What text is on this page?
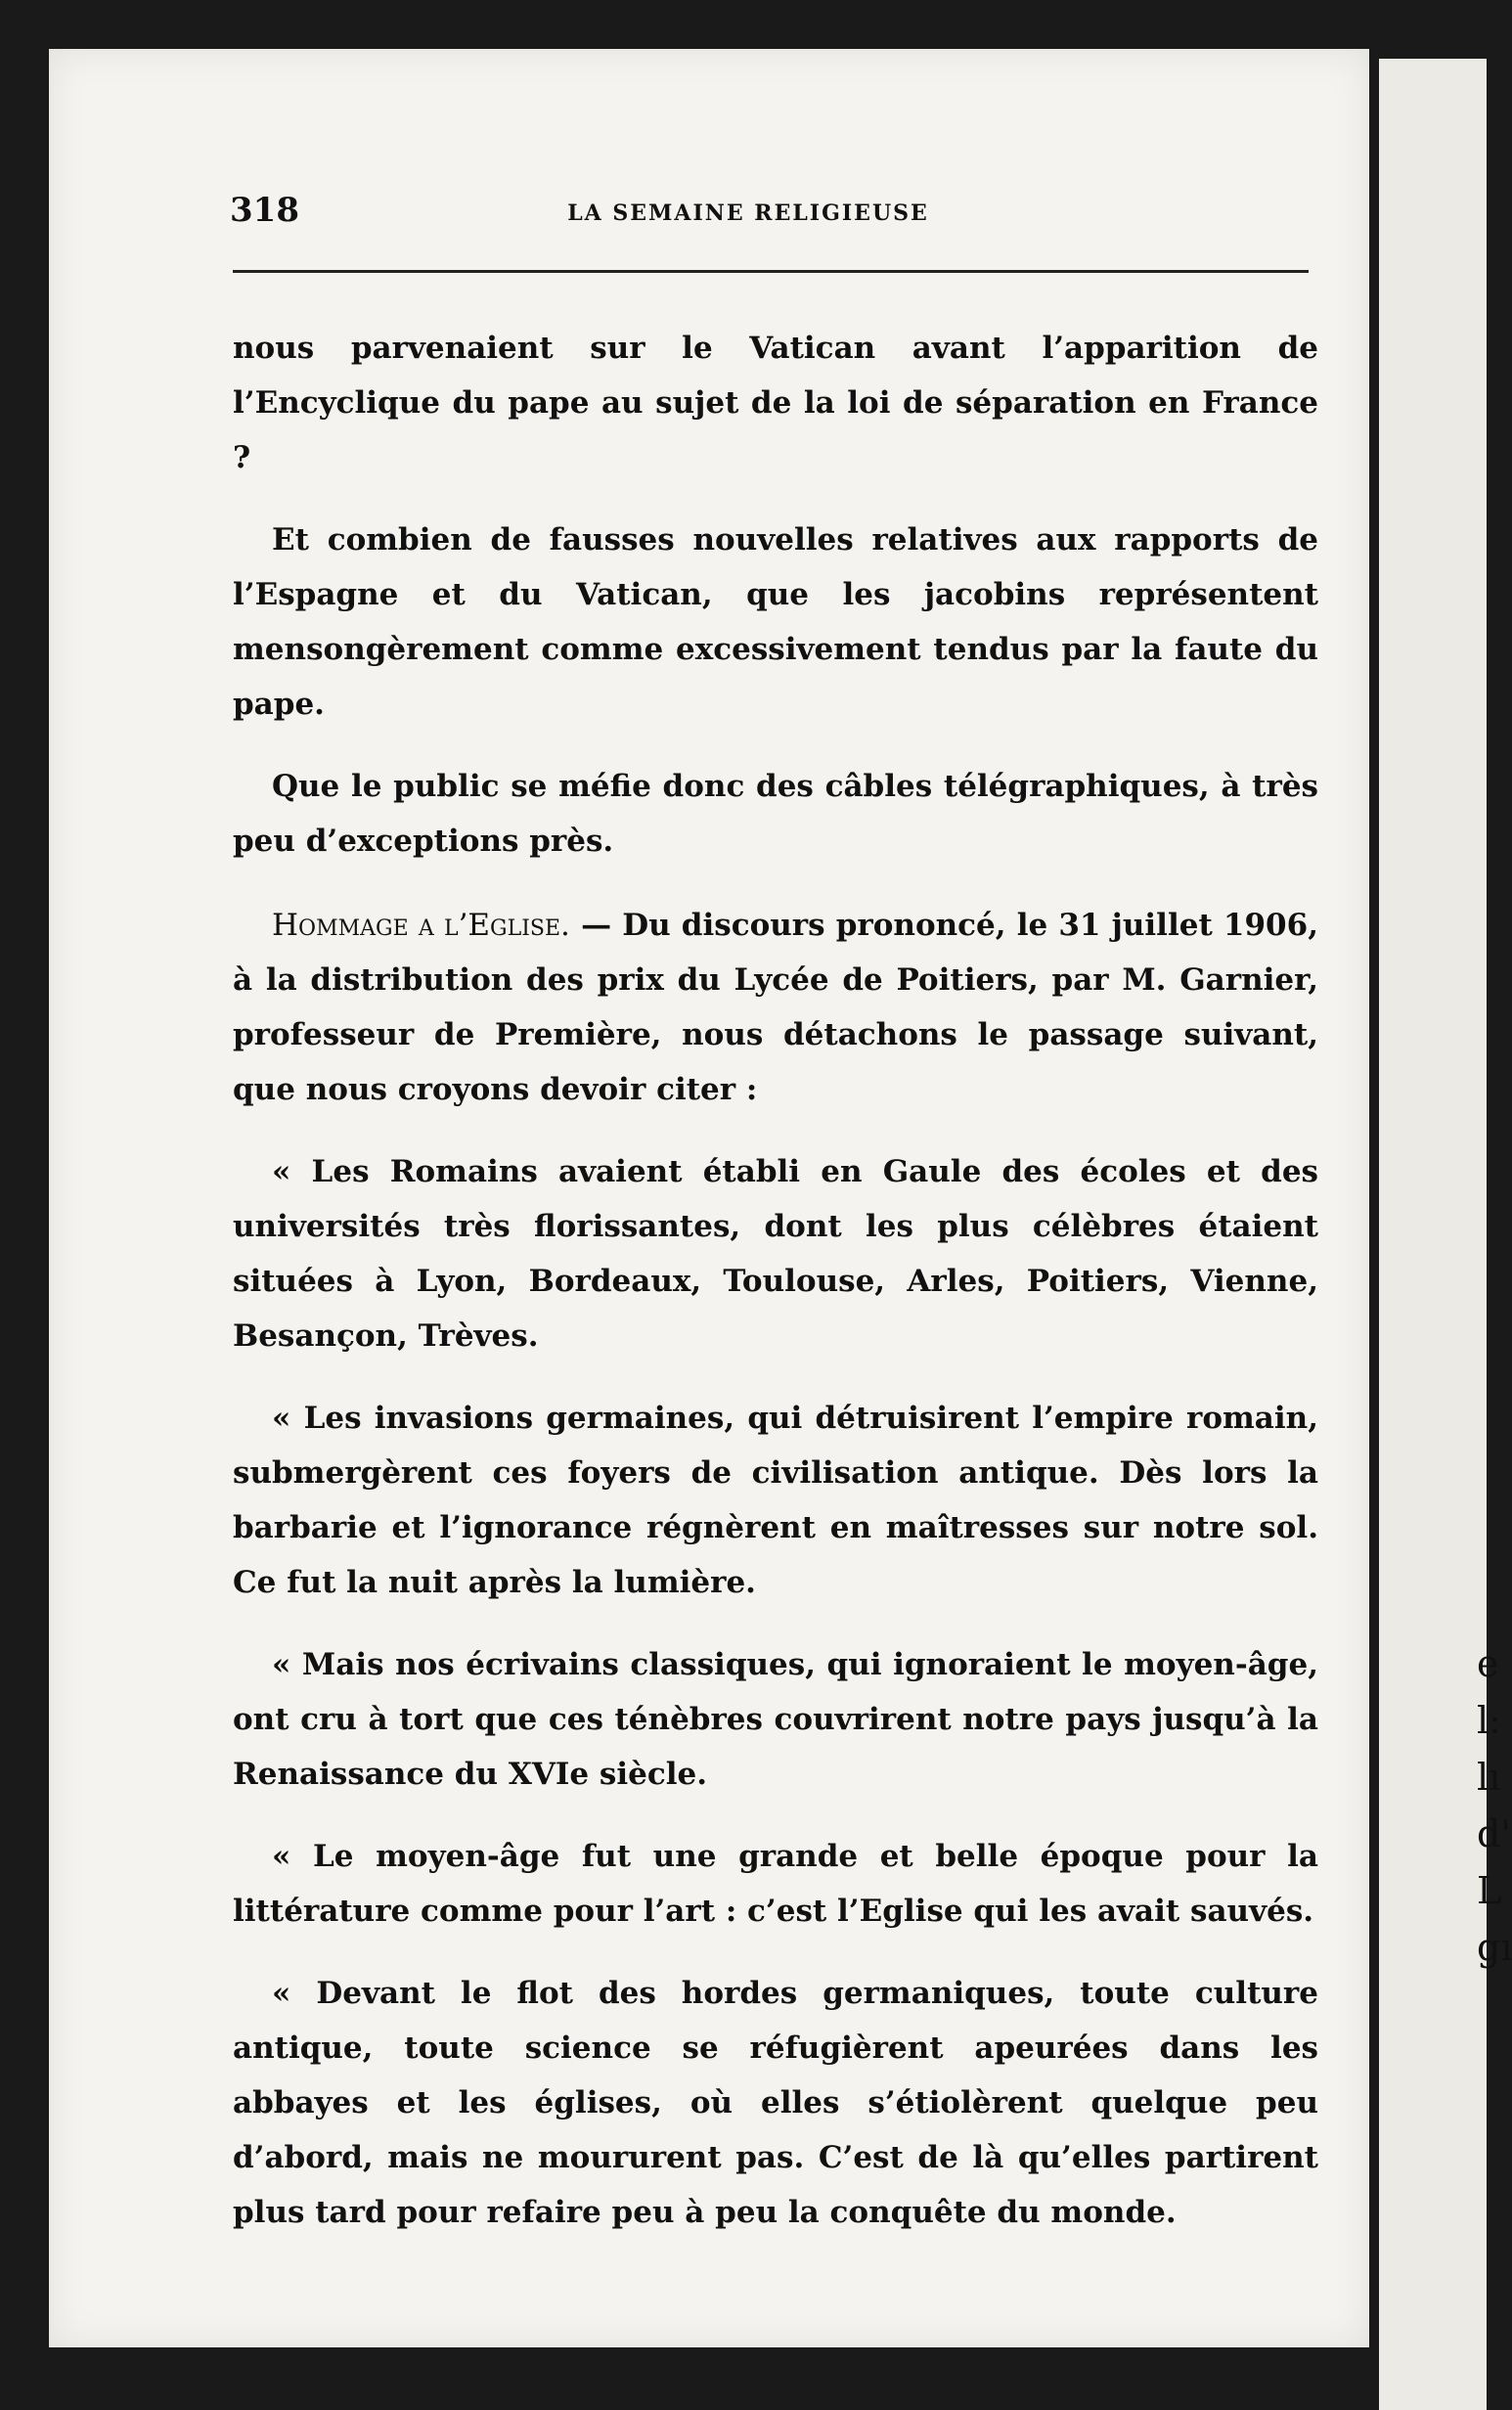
e
l:
lı
d'
L
gı
318	LA SEMAINE RELIGIEUSE

nous parvenaient sur le Vatican avant l’apparition de l’Encyclique du pape au sujet de la loi de séparation en France ?

Et combien de fausses nouvelles relatives aux rapports de l’Espagne et du Vatican, que les jacobins représentent mensongèrement comme excessivement tendus par la faute du pape.

Que le public se méfie donc des câbles télégraphiques, à très peu d’exceptions près.

Hommage a l’Eglise. — Du discours prononcé, le 31 juillet 1906, à la distribution des prix du Lycée de Poitiers, par M. Garnier, professeur de Première, nous détachons le passage suivant, que nous croyons devoir citer :

« Les Romains avaient établi en Gaule des écoles et des universités très florissantes, dont les plus célèbres étaient situées à Lyon, Bordeaux, Toulouse, Arles, Poitiers, Vienne, Besançon, Trèves.

« Les invasions germaines, qui détruisirent l’empire romain, submergèrent ces foyers de civilisation antique. Dès lors la barbarie et l’ignorance régnèrent en maîtresses sur notre sol. Ce fut la nuit après la lumière.

« Mais nos écrivains classiques, qui ignoraient le moyen-âge, ont cru à tort que ces ténèbres couvrirent notre pays jusqu’à la Renaissance du XVIe siècle.

« Le moyen-âge fut une grande et belle époque pour la littérature comme pour l’art : c’est l’Eglise qui les avait sauvés.

« Devant le flot des hordes germaniques, toute culture antique, toute science se réfugièrent apeurées dans les abbayes et les églises, où elles s’étiolèrent quelque peu d’abord, mais ne moururent pas. C’est de là qu’elles partirent plus tard pour refaire peu à peu la conquête du monde.
